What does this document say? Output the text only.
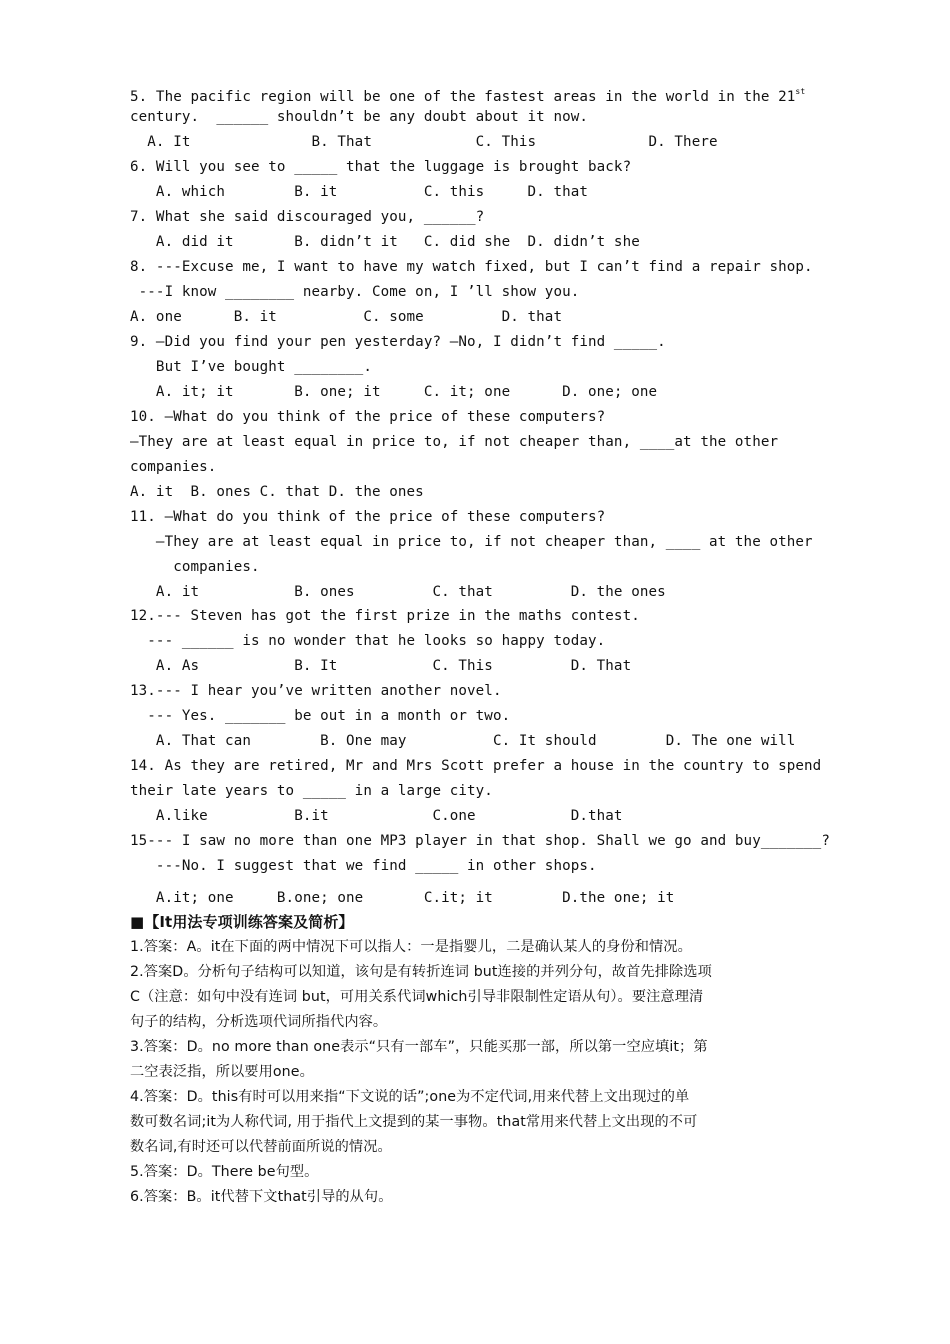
5. The pacific region will be one of the fastest areas in the world in the 21st
century.  ______ shouldn’t be any doubt about it now.
A. It              B. That            C. This             D. There
6. Will you see to _____ that the luggage is brought back?
A. which        B. it          C. this     D. that
7. What she said discouraged you, ______?
A. did it       B. didn’t it   C. did she  D. didn’t she
8. ---Excuse me, I want to have my watch fixed, but I can’t find a repair shop.
---I know ________ nearby. Come on, I ’ll show you.
A. one      B. it          C. some         D. that
9. –Did you find your pen yesterday? –No, I didn’t find _____.
But I’ve bought ________.
A. it; it       B. one; it     C. it; one      D. one; one
10. —What do you think of the price of these computers?
—They are at least equal in price to, if not cheaper than, ____at the other
companies.
A. it  B. ones C. that D. the ones
11. —What do you think of the price of these computers?
—They are at least equal in price to, if not cheaper than, ____ at the other
companies.
A. it           B. ones         C. that         D. the ones
12.--- Steven has got the first prize in the maths contest.
--- ______ is no wonder that he looks so happy today.
A. As           B. It           C. This         D. That
13.--- I hear you’ve written another novel.
--- Yes. _______ be out in a month or two.
A. That can        B. One may          C. It should        D. The one will
14. As they are retired, Mr and Mrs Scott prefer a house in the country to spend
their late years to _____ in a large city.
A.like          B.it            C.one           D.that
15--- I saw no more than one MP3 player in that shop. Shall we go and buy_______?
---No. I suggest that we find _____ in other shops.
A.it; one     B.one; one       C.it; it        D.the one; it
■【It用法专项训练答案及简析】
1.答案：A。it在下面的两中情况下可以指人：一是指婴儿，二是确认某人的身份和情况。
2.答案D。分析句子结构可以知道，该句是有转折连词 but连接的并列分句，故首先排除选项
C（注意：如句中没有连词 but，可用关系代词which引导非限制性定语从句）。要注意理清
句子的结构，分析选项代词所指代内容。
3.答案：D。no more than one表示“只有一部车”，只能买那一部，所以第一空应填it；第
二空表泛指，所以要用one。
4.答案：D。this有时可以用来指“下文说的话”;one为不定代词,用来代替上文出现过的单
数可数名词;it为人称代词, 用于指代上文提到的某一事物。that常用来代替上文出现的不可
数名词,有时还可以代替前面所说的情况。
5.答案：D。There be句型。
6.答案：B。it代替下文that引导的从句。
